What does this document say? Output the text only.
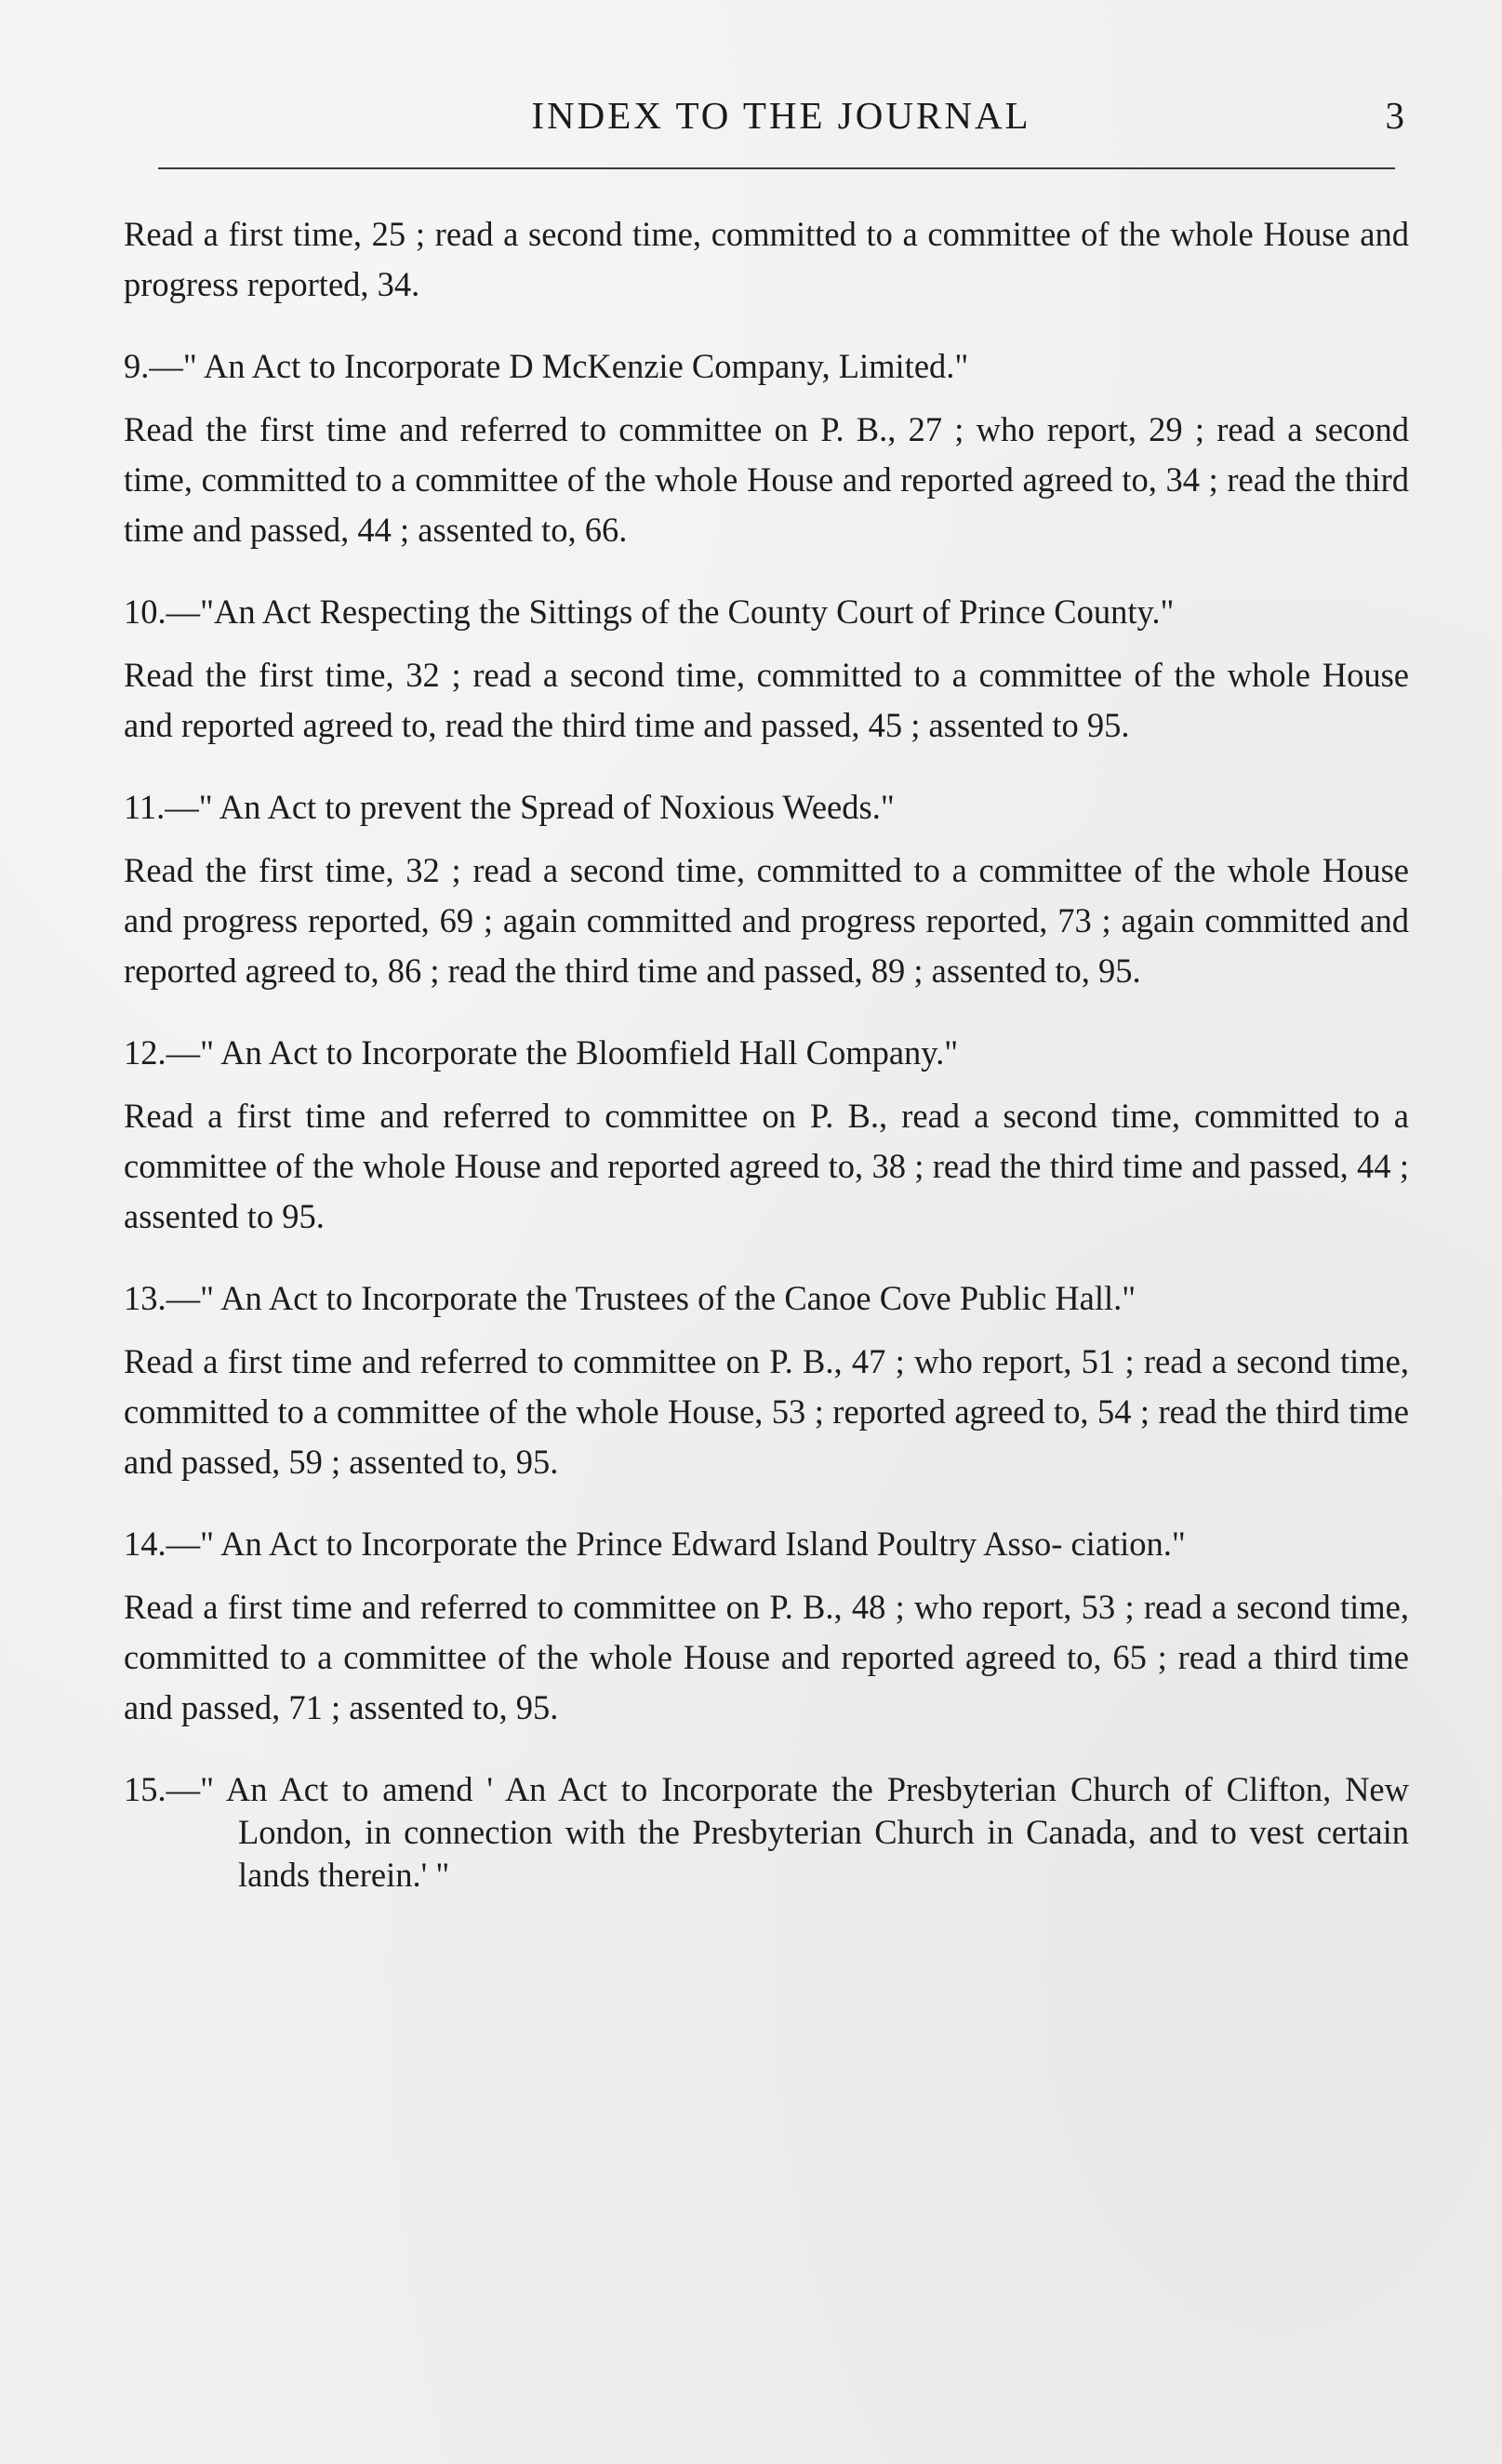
INDEX TO THE JOURNAL	3

Read a first time, 25 ; read a second time, committed to a committee of the whole House and progress reported, 34.

9.—" An Act to Incorporate D McKenzie Company, Limited."

Read the first time and referred to committee on P. B., 27 ; who report, 29 ; read a second time, committed to a committee of the whole House and reported agreed to, 34 ; read the third time and passed, 44 ; assented to, 66.

10.—"An Act Respecting the Sittings of the County Court of Prince County."

Read the first time, 32 ; read a second time, committed to a committee of the whole House and reported agreed to, read the third time and passed, 45 ; assented to 95.

11.—" An Act to prevent the Spread of Noxious Weeds."

Read the first time, 32 ; read a second time, committed to a committee of the whole House and progress reported, 69 ; again committed and progress reported, 73 ; again committed and reported agreed to, 86 ; read the third time and passed, 89 ; assented to, 95.

12.—" An Act to Incorporate the Bloomfield Hall Company."

Read a first time and referred to committee on P. B., read a second time, committed to a committee of the whole House and reported agreed to, 38 ; read the third time and passed, 44 ; assented to 95.

13.—" An Act to Incorporate the Trustees of the Canoe Cove Public Hall."

Read a first time and referred to committee on P. B., 47 ; who report, 51 ; read a second time, committed to a committee of the whole House, 53 ; reported agreed to, 54 ; read the third time and passed, 59 ; assented to, 95.

14.—" An Act to Incorporate the Prince Edward Island Poultry Asso- ciation."

Read a first time and referred to committee on P. B., 48 ; who report, 53 ; read a second time, committed to a committee of the whole House and reported agreed to, 65 ; read a third time and passed, 71 ; assented to, 95.

15.—" An Act to amend ' An Act to Incorporate the Presbyterian Church of Clifton, New London, in connection with the Presbyterian Church in Canada, and to vest certain lands therein.' "
